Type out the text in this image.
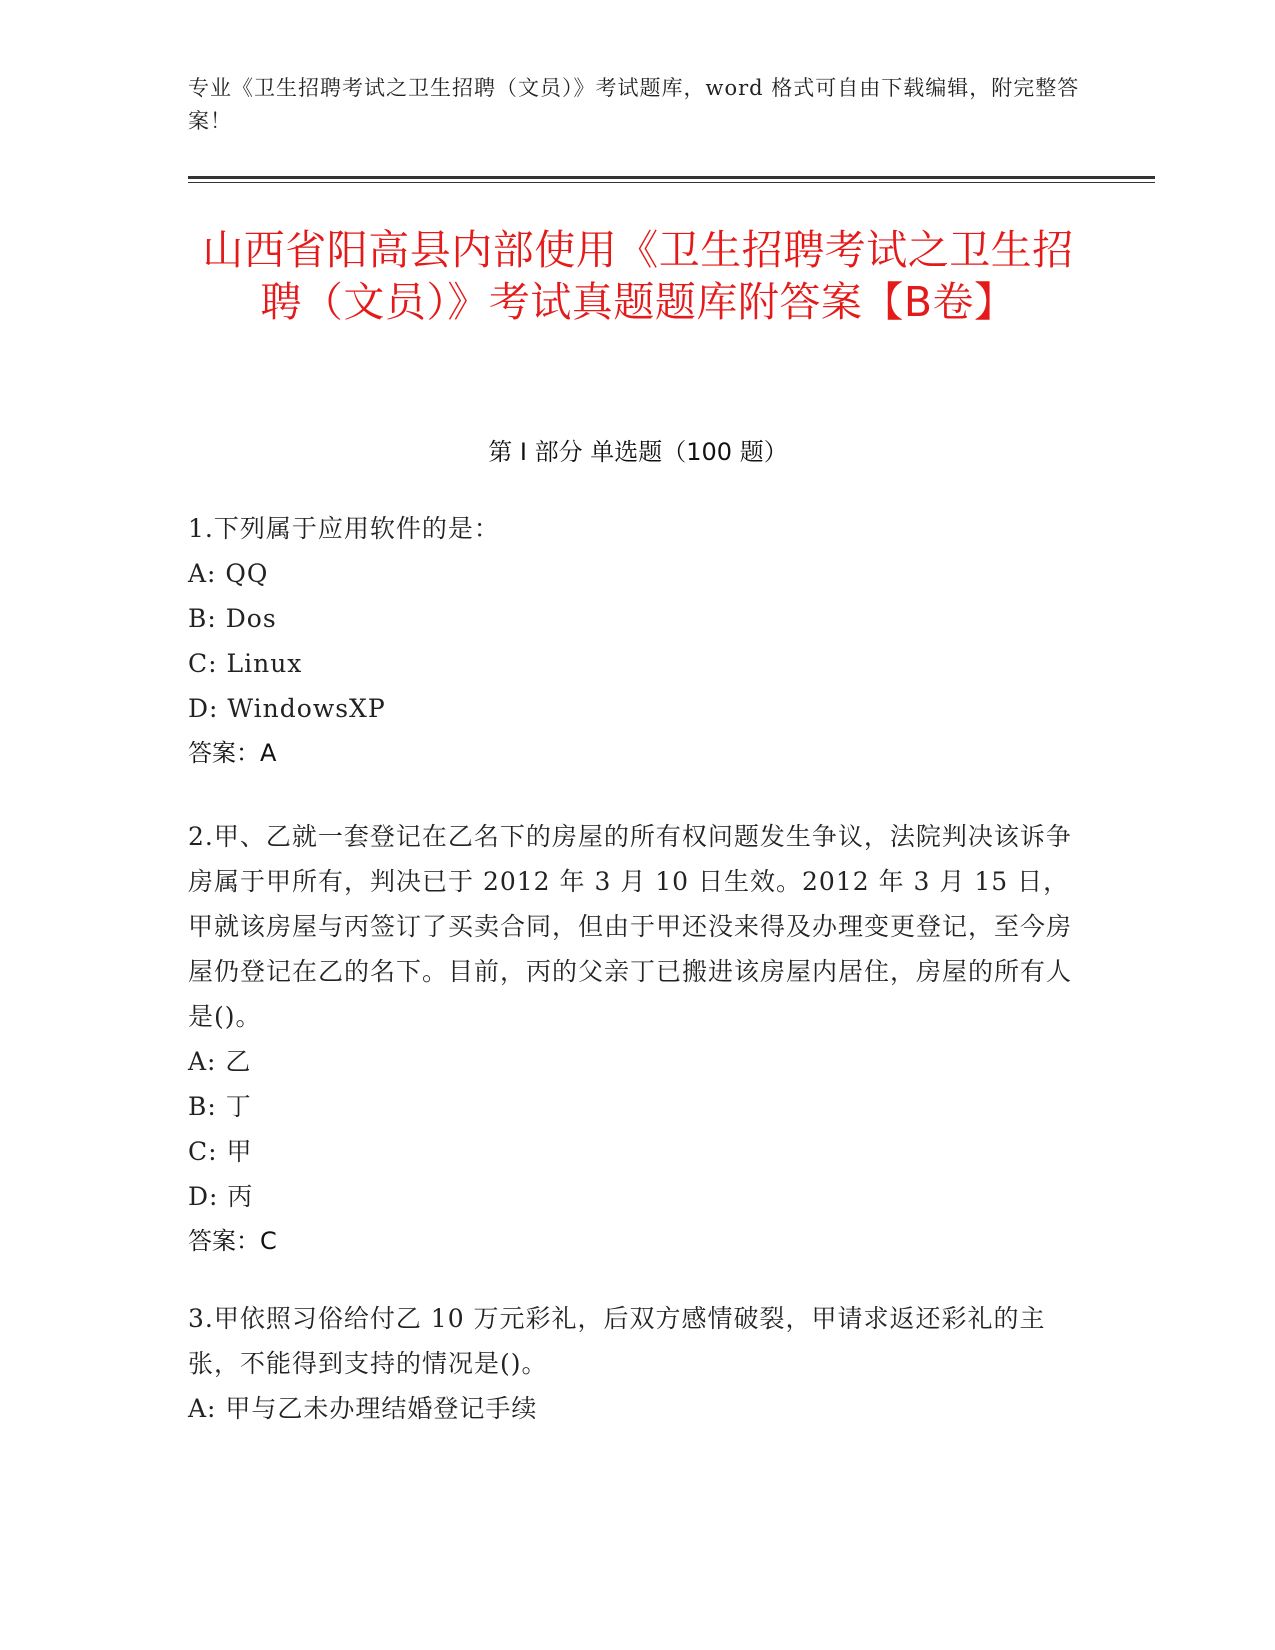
专业《卫生招聘考试之卫生招聘（文员）》考试题库，word 格式可自由下载编辑，附完整答案！
山西省阳高县内部使用《卫生招聘考试之卫生招聘（文员）》考试真题题库附答案【B卷】
第 I 部分 单选题（100 题）

1.下列属于应用软件的是：

A: QQ

B: Dos

C: Linux

D: WindowsXP

答案：A

2.甲、乙就一套登记在乙名下的房屋的所有权问题发生争议，法院判决该诉争房属于甲所有，判决已于 2012 年 3 月 10 日生效。2012 年 3 月 15 日，甲就该房屋与丙签订了买卖合同，但由于甲还没来得及办理变更登记，至今房屋仍登记在乙的名下。目前，丙的父亲丁已搬进该房屋内居住，房屋的所有人是()。

A: 乙

B: 丁

C: 甲

D: 丙

答案：C

3.甲依照习俗给付乙 10 万元彩礼，后双方感情破裂，甲请求返还彩礼的主张，不能得到支持的情况是()。

A: 甲与乙未办理结婚登记手续
